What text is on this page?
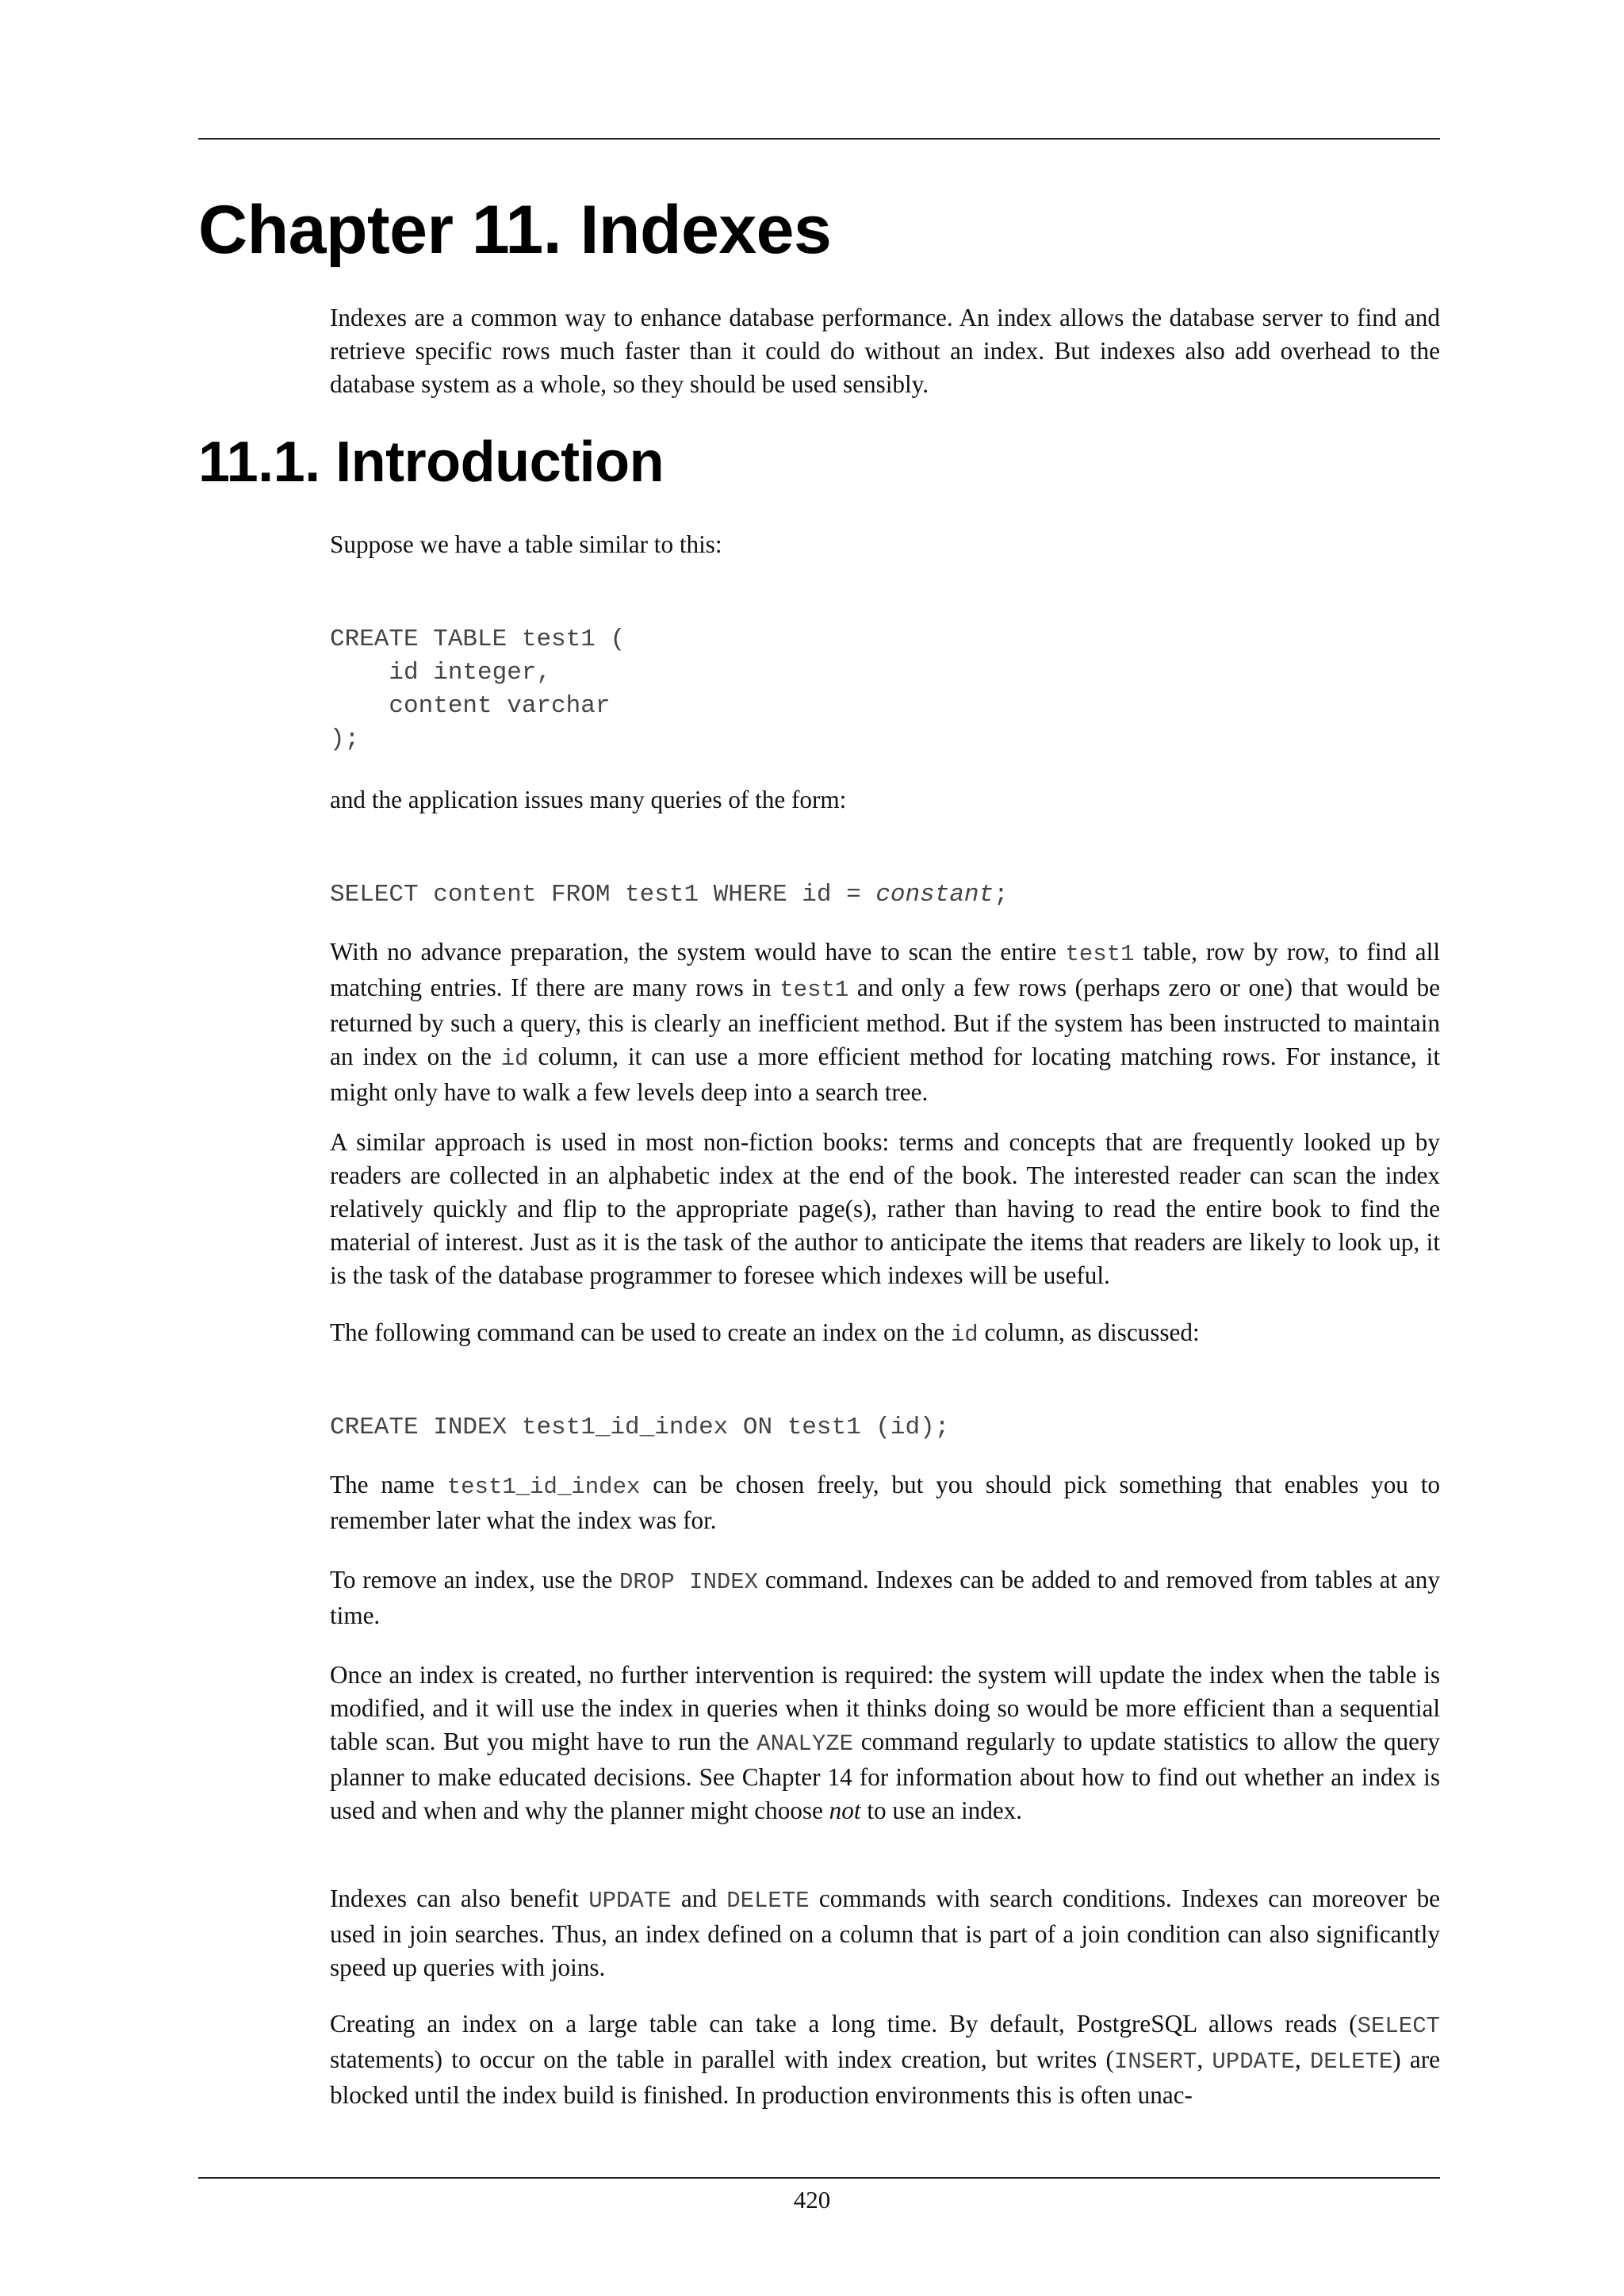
Chapter 11. Indexes

Indexes are a common way to enhance database performance. An index allows the database server to find and retrieve specific rows much faster than it could do without an index. But indexes also add overhead to the database system as a whole, so they should be used sensibly.

11.1. Introduction

Suppose we have a table similar to this:

CREATE TABLE test1 (
id integer,
content varchar
);

and the application issues many queries of the form:

SELECT content FROM test1 WHERE id = constant;

With no advance preparation, the system would have to scan the entire test1 table, row by row, to find all matching entries. If there are many rows in test1 and only a few rows (perhaps zero or one) that would be returned by such a query, this is clearly an inefficient method. But if the system has been instructed to maintain an index on the id column, it can use a more efficient method for locating matching rows. For instance, it might only have to walk a few levels deep into a search tree.

A similar approach is used in most non-fiction books: terms and concepts that are frequently looked up by readers are collected in an alphabetic index at the end of the book. The interested reader can scan the index relatively quickly and flip to the appropriate page(s), rather than having to read the entire book to find the material of interest. Just as it is the task of the author to anticipate the items that readers are likely to look up, it is the task of the database programmer to foresee which indexes will be useful.

The following command can be used to create an index on the id column, as discussed:

CREATE INDEX test1_id_index ON test1 (id);

The name test1_id_index can be chosen freely, but you should pick something that enables you to remember later what the index was for.

To remove an index, use the DROP INDEX command. Indexes can be added to and removed from tables at any time.

Once an index is created, no further intervention is required: the system will update the index when the table is modified, and it will use the index in queries when it thinks doing so would be more efficient than a sequential table scan. But you might have to run the ANALYZE command regularly to update statistics to allow the query planner to make educated decisions. See Chapter 14 for information about how to find out whether an index is used and when and why the planner might choose not to use an index.

Indexes can also benefit UPDATE and DELETE commands with search conditions. Indexes can moreover be used in join searches. Thus, an index defined on a column that is part of a join condition can also significantly speed up queries with joins.

Creating an index on a large table can take a long time. By default, PostgreSQL allows reads (SELECT statements) to occur on the table in parallel with index creation, but writes (INSERT, UPDATE, DELETE) are blocked until the index build is finished. In production environments this is often unac-

420
